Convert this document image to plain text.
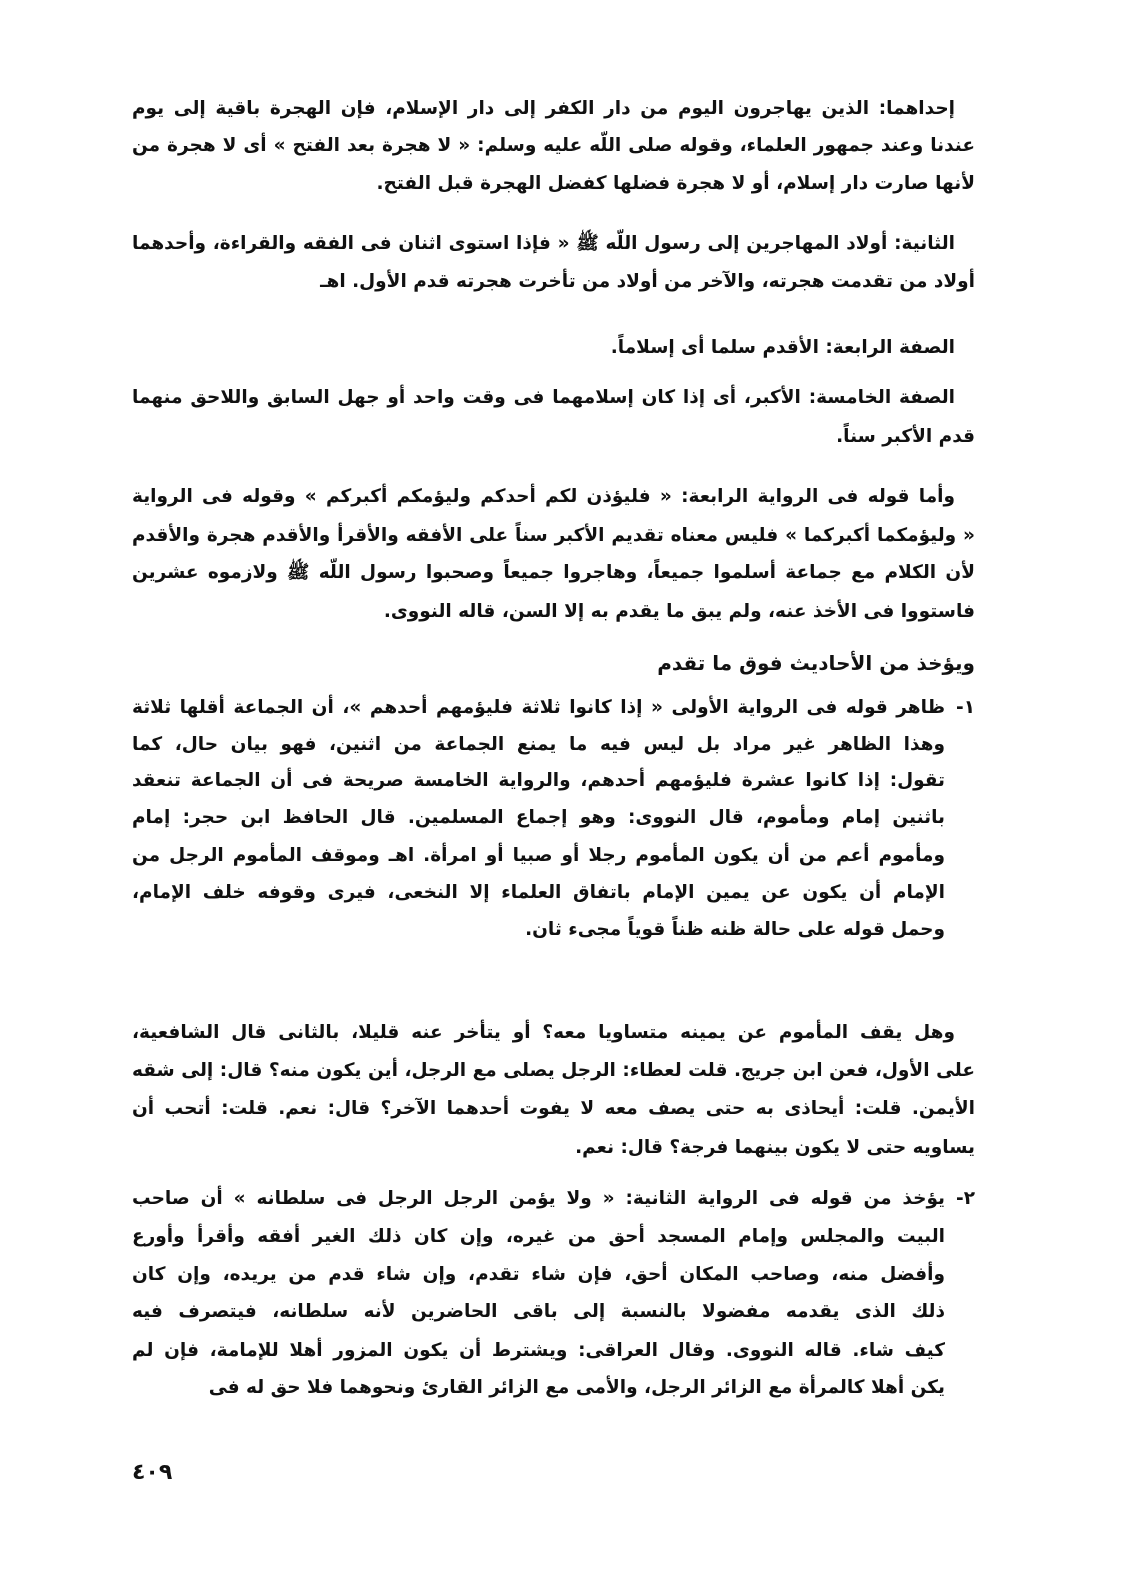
ويؤخذ من الأحاديث فوق ما تقدم
٤٠٩
إحداهما: الذين يهاجرون اليوم من دار الكفر إلى دار الإسلام، فإن الهجرة باقية إلى يوم
عندنا وعند جمهور العلماء، وقوله صلى اللَّه عليه وسلم: « لا هجرة بعد الفتح » أى لا هجرة من
لأنها صارت دار إسلام، أو لا هجرة فضلها كفضل الهجرة قبل الفتح.
الثانية: أولاد المهاجرين إلى رسول اللَّه ﷺ « فإذا استوى اثنان فى الفقه والقراءة، وأحدهما
أولاد من تقدمت هجرته، والآخر من أولاد من تأخرت هجرته قدم الأول. اهـ
الصفة الرابعة: الأقدم سلما أى إسلاماً.
الصفة الخامسة: الأكبر، أى إذا كان إسلامهما فى وقت واحد أو جهل السابق واللاحق منهما
قدم الأكبر سناً.
وأما قوله فى الرواية الرابعة: « فليؤذن لكم أحدكم وليؤمكم أكبركم » وقوله فى الرواية
« وليؤمكما أكبركما » فليس معناه تقديم الأكبر سناً على الأفقه والأقرأ والأقدم هجرة والأقدم
لأن الكلام مع جماعة أسلموا جميعاً، وهاجروا جميعاً وصحبوا رسول اللَّه ﷺ ولازموه عشرين
فاستووا فى الأخذ عنه، ولم يبق ما يقدم به إلا السن، قاله النووى.
١-
ظاهر قوله فى الرواية الأولى « إذا كانوا ثلاثة فليؤمهم أحدهم »، أن الجماعة أقلها ثلاثة
وهذا الظاهر غير مراد بل ليس فيه ما يمنع الجماعة من اثنين، فهو بيان حال، كما
تقول: إذا كانوا عشرة فليؤمهم أحدهم، والرواية الخامسة صريحة فى أن الجماعة تنعقد
باثنين إمام ومأموم، قال النووى: وهو إجماع المسلمين. قال الحافظ ابن حجر: إمام
ومأموم أعم من أن يكون المأموم رجلا أو صبيا أو امرأة. اهـ وموقف المأموم الرجل من
الإمام أن يكون عن يمين الإمام باتفاق العلماء إلا النخعى، فيرى وقوفه خلف الإمام،
وحمل قوله على حالة ظنه ظناً قوياً مجىء ثان.
وهل يقف المأموم عن يمينه متساويا معه؟ أو يتأخر عنه قليلا، بالثانى قال الشافعية،
على الأول، فعن ابن جريج. قلت لعطاء: الرجل يصلى مع الرجل، أين يكون منه؟ قال: إلى شقه
الأيمن. قلت: أيحاذى به حتى يصف معه لا يفوت أحدهما الآخر؟ قال: نعم. قلت: أتحب أن
يساويه حتى لا يكون بينهما فرجة؟ قال: نعم.
٢-
يؤخذ من قوله فى الرواية الثانية: « ولا يؤمن الرجل الرجل فى سلطانه » أن صاحب
البيت والمجلس وإمام المسجد أحق من غيره، وإن كان ذلك الغير أفقه وأقرأ وأورع
وأفضل منه، وصاحب المكان أحق، فإن شاء تقدم، وإن شاء قدم من يريده، وإن كان
ذلك الذى يقدمه مفضولا بالنسبة إلى باقى الحاضرين لأنه سلطانه، فيتصرف فيه
كيف شاء. قاله النووى. وقال العراقى: ويشترط أن يكون المزور أهلا للإمامة، فإن لم
يكن أهلا كالمرأة مع الزائر الرجل، والأمى مع الزائر القارئ ونحوهما فلا حق له فى
